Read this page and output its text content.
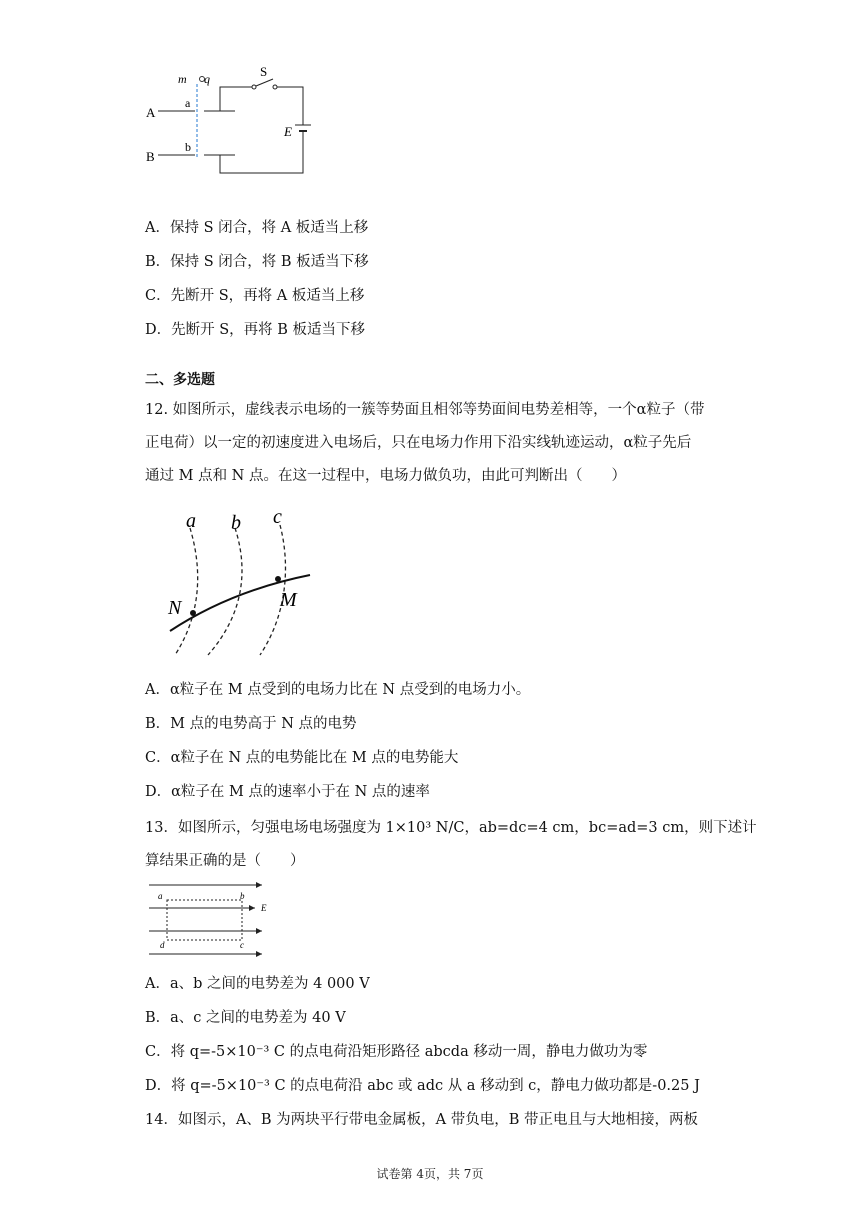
m q
A
B
a
b
S
E
A．保持 S 闭合，将 A 板适当上移
B．保持 S 闭合，将 B 板适当下移
C．先断开 S，再将 A 板适当上移
D．先断开 S，再将 B 板适当下移
二、多选题
12. 如图所示，虚线表示电场的一簇等势面且相邻等势面间电势差相等，一个α粒子（带
正电荷）以一定的初速度进入电场后，只在电场力作用下沿实线轨迹运动，α粒子先后
通过 M 点和 N 点。在这一过程中，电场力做负功，由此可判断出（　　）
a b c
N	M
A．α粒子在 M 点受到的电场力比在 N 点受到的电场力小。
B．M 点的电势高于 N 点的电势
C．α粒子在 N 点的电势能比在 M 点的电势能大
D．α粒子在 M 点的速率小于在 N 点的速率
13．如图所示，匀强电场电场强度为 1×10³ N/C，ab=dc=4 cm，bc=ad=3 cm，则下述计
算结果正确的是（　　）
a	b
d	c
E
A．a、b 之间的电势差为 4 000 V
B．a、c 之间的电势差为 40 V
C．将 q=-5×10⁻³ C 的点电荷沿矩形路径 abcda 移动一周，静电力做功为零
D．将 q=-5×10⁻³ C 的点电荷沿 abc 或 adc 从 a 移动到 c，静电力做功都是-0.25 J
14．如图示，A、B 为两块平行带电金属板，A 带负电，B 带正电且与大地相接，两板
试卷第 4页，共 7页
